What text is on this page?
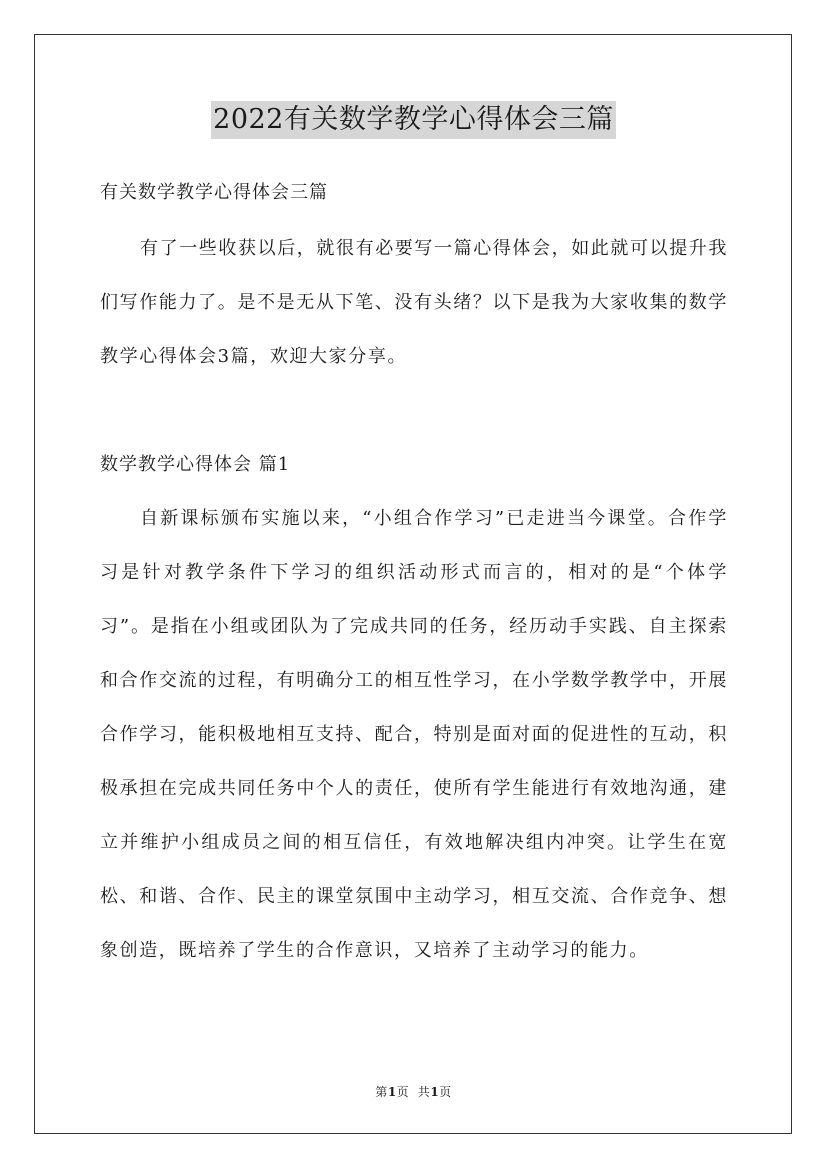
2022有关数学教学心得体会三篇
有关数学教学心得体会三篇

有了一些收获以后，就很有必要写一篇心得体会，如此就可以提升我们写作能力了。是不是无从下笔、没有头绪？以下是我为大家收集的数学教学心得体会3篇，欢迎大家分享。

数学教学心得体会 篇1

自新课标颁布实施以来，“小组合作学习”已走进当今课堂。合作学习是针对教学条件下学习的组织活动形式而言的，相对的是“个体学习”。是指在小组或团队为了完成共同的任务，经历动手实践、自主探索和合作交流的过程，有明确分工的相互性学习，在小学数学教学中，开展合作学习，能积极地相互支持、配合，特别是面对面的促进性的互动，积极承担在完成共同任务中个人的责任，使所有学生能进行有效地沟通，建立并维护小组成员之间的相互信任，有效地解决组内冲突。让学生在宽松、和谐、合作、民主的课堂氛围中主动学习，相互交流、合作竞争、想象创造，既培养了学生的合作意识，又培养了主动学习的能力。

第1页  共1页
